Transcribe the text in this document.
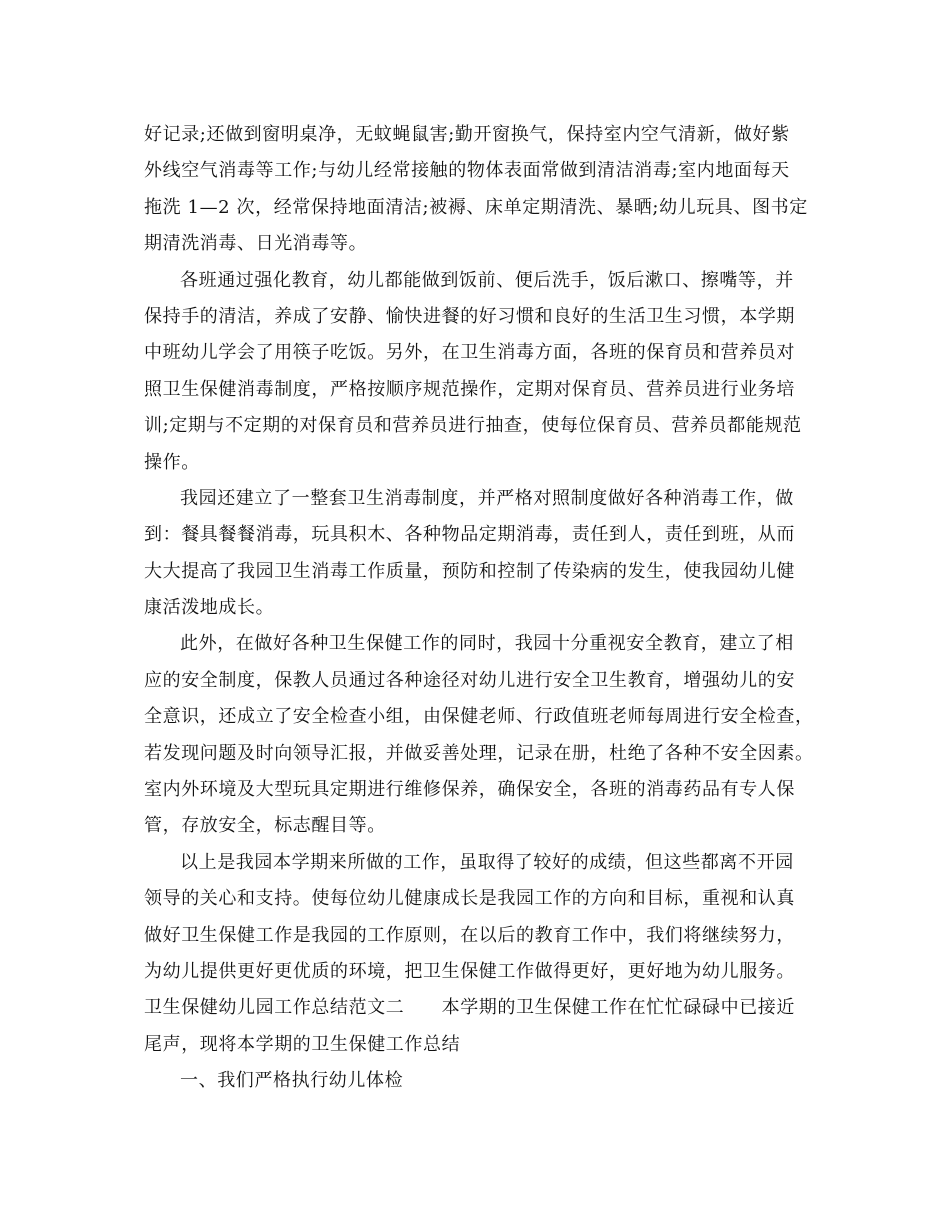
好记录;还做到窗明桌净，无蚊蝇鼠害;勤开窗换气，保持室内空气清新，做好紫
外线空气消毒等工作;与幼儿经常接触的物体表面常做到清洁消毒;室内地面每天
拖洗 1—2 次，经常保持地面清洁;被褥、床单定期清洗、暴晒;幼儿玩具、图书定
期清洗消毒、日光消毒等。
各班通过强化教育，幼儿都能做到饭前、便后洗手，饭后漱口、擦嘴等，并
保持手的清洁，养成了安静、愉快进餐的好习惯和良好的生活卫生习惯，本学期
中班幼儿学会了用筷子吃饭。另外，在卫生消毒方面，各班的保育员和营养员对
照卫生保健消毒制度，严格按顺序规范操作，定期对保育员、营养员进行业务培
训;定期与不定期的对保育员和营养员进行抽查，使每位保育员、营养员都能规范
操作。
我园还建立了一整套卫生消毒制度，并严格对照制度做好各种消毒工作，做
到：餐具餐餐消毒，玩具积木、各种物品定期消毒，责任到人，责任到班，从而
大大提高了我园卫生消毒工作质量，预防和控制了传染病的发生，使我园幼儿健
康活泼地成长。
此外，在做好各种卫生保健工作的同时，我园十分重视安全教育，建立了相
应的安全制度，保教人员通过各种途径对幼儿进行安全卫生教育，增强幼儿的安
全意识，还成立了安全检查小组，由保健老师、行政值班老师每周进行安全检查，
若发现问题及时向领导汇报，并做妥善处理，记录在册，杜绝了各种不安全因素。
室内外环境及大型玩具定期进行维修保养，确保安全，各班的消毒药品有专人保
管，存放安全，标志醒目等。
以上是我园本学期来所做的工作，虽取得了较好的成绩，但这些都离不开园
领导的关心和支持。使每位幼儿健康成长是我园工作的方向和目标，重视和认真
做好卫生保健工作是我园的工作原则，在以后的教育工作中，我们将继续努力，
为幼儿提供更好更优质的环境，把卫生保健工作做得更好，更好地为幼儿服务。
卫生保健幼儿园工作总结范文二　　本学期的卫生保健工作在忙忙碌碌中已接近
尾声，现将本学期的卫生保健工作总结
一、我们严格执行幼儿体检
